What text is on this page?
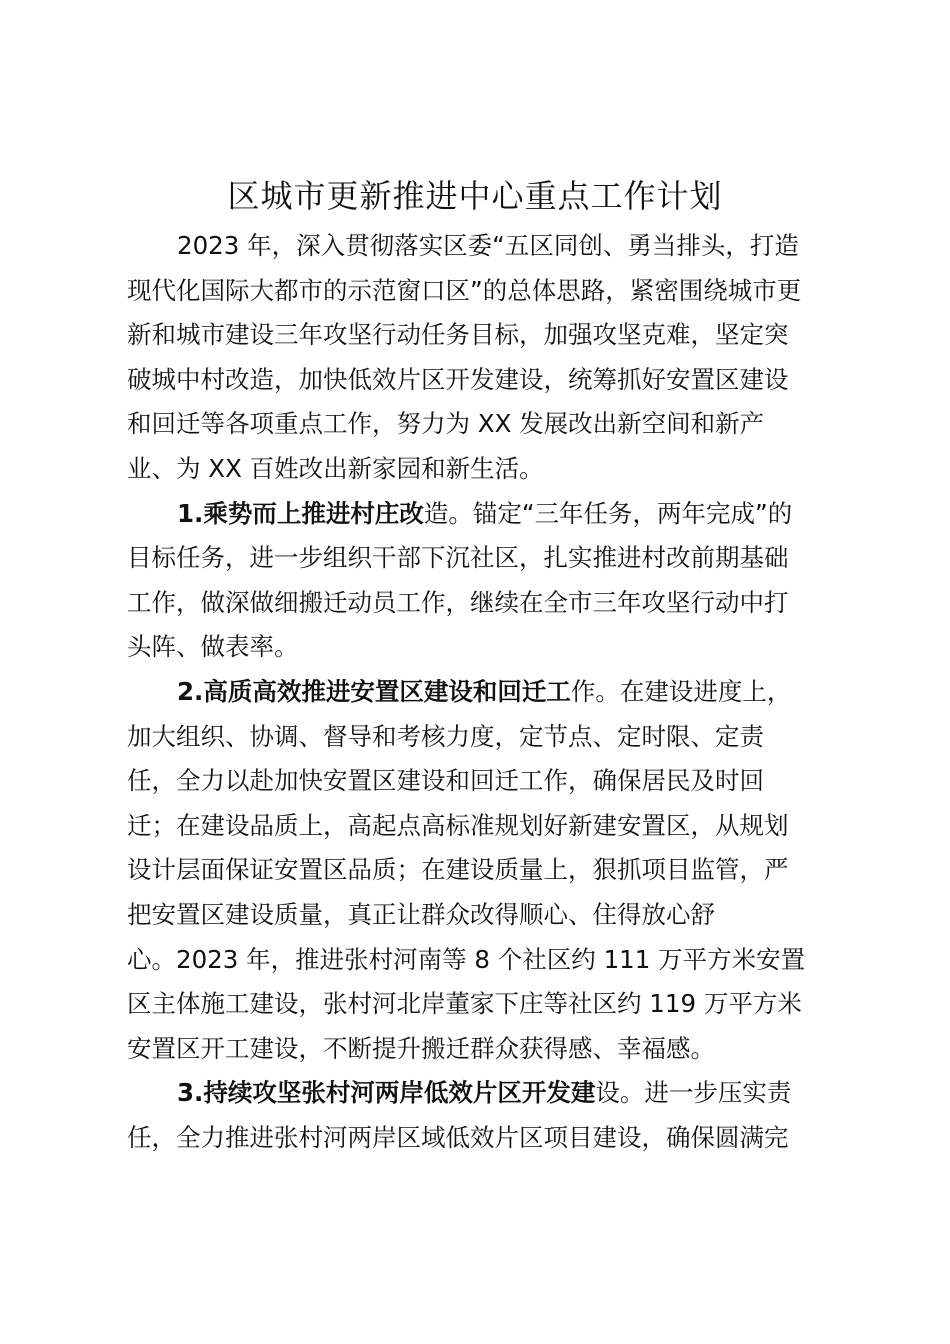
区城市更新推进中心重点工作计划
2023 年，深入贯彻落实区委“五区同创、勇当排头，打造
现代化国际大都市的示范窗口区”的总体思路，紧密围绕城市更
新和城市建设三年攻坚行动任务目标，加强攻坚克难，坚定突
破城中村改造，加快低效片区开发建设，统筹抓好安置区建设
和回迁等各项重点工作，努力为 XX 发展改出新空间和新产
业、为 XX 百姓改出新家园和新生活。
1.乘势而上推进村庄改造。锚定“三年任务，两年完成”的
目标任务，进一步组织干部下沉社区，扎实推进村改前期基础
工作，做深做细搬迁动员工作，继续在全市三年攻坚行动中打
头阵、做表率。
2.高质高效推进安置区建设和回迁工作。在建设进度上，
加大组织、协调、督导和考核力度，定节点、定时限、定责
任，全力以赴加快安置区建设和回迁工作，确保居民及时回
迁；在建设品质上，高起点高标准规划好新建安置区，从规划
设计层面保证安置区品质；在建设质量上，狠抓项目监管，严
把安置区建设质量，真正让群众改得顺心、住得放心舒
心。2023 年，推进张村河南等 8 个社区约 111 万平方米安置
区主体施工建设，张村河北岸董家下庄等社区约 119 万平方米
安置区开工建设，不断提升搬迁群众获得感、幸福感。
3.持续攻坚张村河两岸低效片区开发建设。进一步压实责
任，全力推进张村河两岸区域低效片区项目建设，确保圆满完
